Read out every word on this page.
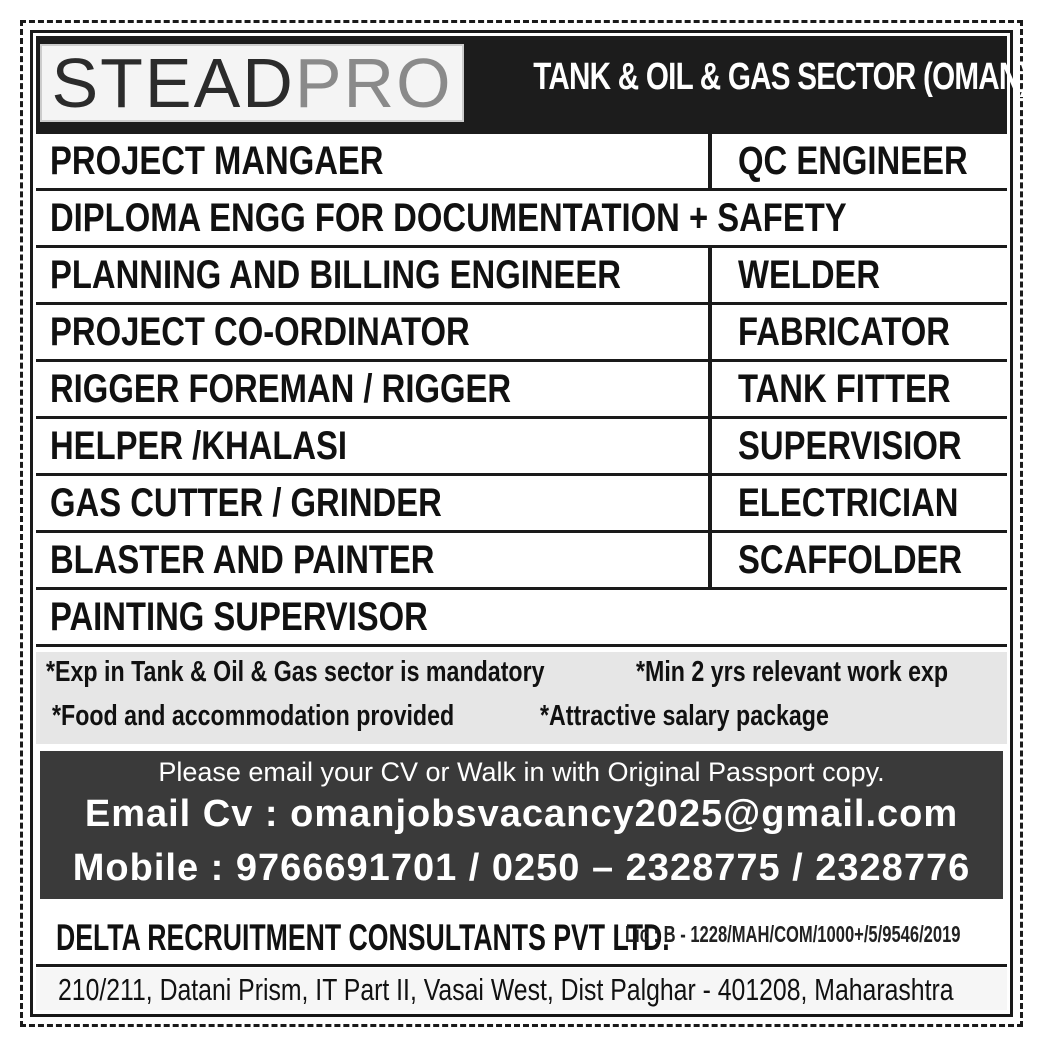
STEADPRO TANK & OIL & GAS SECTOR (OMAN)
PROJECT MANGAER	QC ENGINEER
DIPLOMA ENGG FOR DOCUMENTATION + SAFETY
PLANNING AND BILLING ENGINEER	WELDER
PROJECT CO-ORDINATOR	FABRICATOR
RIGGER FOREMAN / RIGGER	TANK FITTER
HELPER /KHALASI	SUPERVISIOR
GAS CUTTER / GRINDER	ELECTRICIAN
BLASTER AND PAINTER	SCAFFOLDER
PAINTING SUPERVISOR
*Exp in Tank & Oil & Gas sector is mandatory	*Min 2 yrs relevant work exp
*Food and accommodation provided	*Attractive salary package
Please email your CV or Walk in with Original Passport copy.
Email Cv : omanjobsvacancy2025@gmail.com
Mobile : 9766691701 / 0250 – 2328775 / 2328776
DELTA RECRUITMENT CONSULTANTS PVT LTD.
Lic : B - 1228/MAH/COM/1000+/5/9546/2019
210/211, Datani Prism, IT Part II, Vasai West, Dist Palghar - 401208, Maharashtra
